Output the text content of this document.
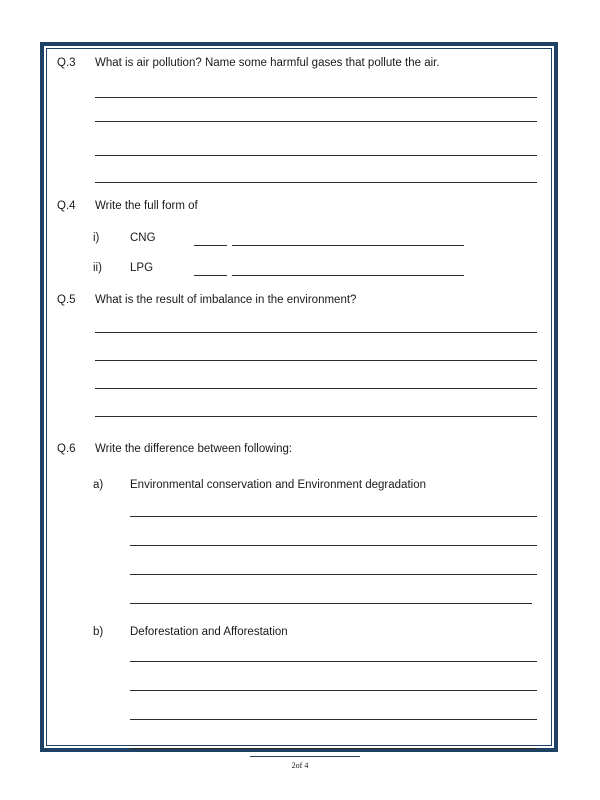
Q.3 What is air pollution? Name some harmful gases that pollute the air.
Q.4 Write the full form of
i)	CNG
ii) LPG
Q.5 What is the result of imbalance in the environment?
Q.6 Write the difference between following:
a) Environmental conservation and Environment degradation
b) Deforestation and Afforestation
2of 4
